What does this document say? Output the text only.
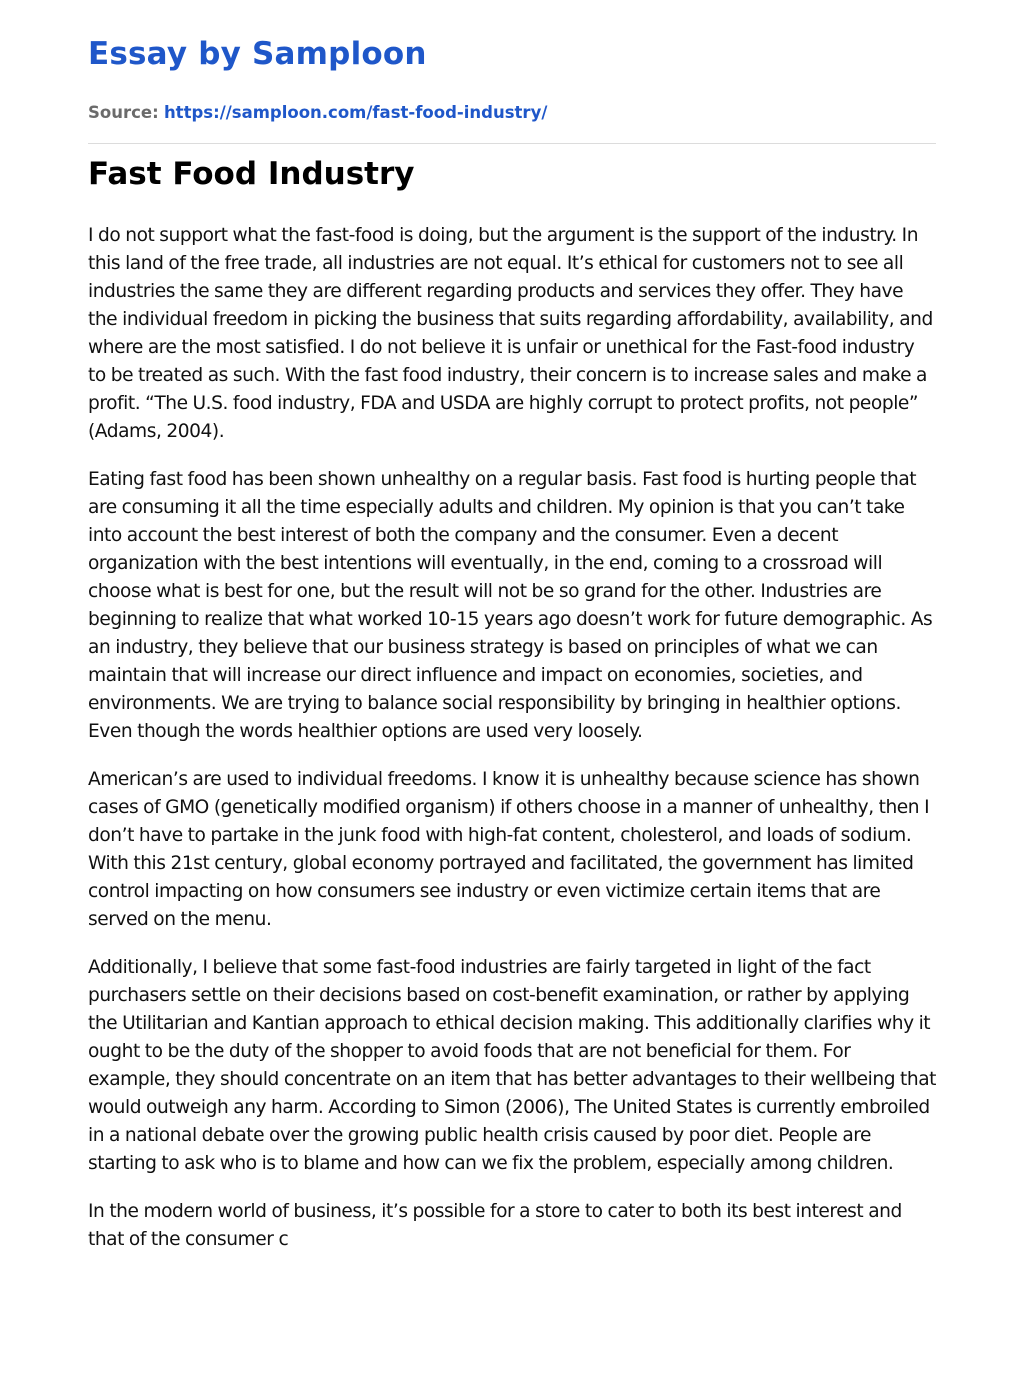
Essay by Samploon
Source: https://samploon.com/fast-food-industry/
Fast Food Industry

I do not support what the fast-food is doing, but the argument is the support of the industry. In this land of the free trade, all industries are not equal. It’s ethical for customers not to see all industries the same they are different regarding products and services they offer. They have the individual freedom in picking the business that suits regarding affordability, availability, and where are the most satisfied. I do not believe it is unfair or unethical for the Fast-food industry to be treated as such. With the fast food industry, their concern is to increase sales and make a profit. “The U.S. food industry, FDA and USDA are highly corrupt to protect profits, not people” (Adams, 2004).

Eating fast food has been shown unhealthy on a regular basis. Fast food is hurting people that are consuming it all the time especially adults and children. My opinion is that you can’t take into account the best interest of both the company and the consumer. Even a decent organization with the best intentions will eventually, in the end, coming to a crossroad will choose what is best for one, but the result will not be so grand for the other. Industries are beginning to realize that what worked 10-15 years ago doesn’t work for future demographic. As an industry, they believe that our business strategy is based on principles of what we can maintain that will increase our direct influence and impact on economies, societies, and environments. We are trying to balance social responsibility by bringing in healthier options. Even though the words healthier options are used very loosely.

American’s are used to individual freedoms. I know it is unhealthy because science has shown cases of GMO (genetically modified organism) if others choose in a manner of unhealthy, then I don’t have to partake in the junk food with high-fat content, cholesterol, and loads of sodium. With this 21st century, global economy portrayed and facilitated, the government has limited control impacting on how consumers see industry or even victimize certain items that are served on the menu.

Additionally, I believe that some fast-food industries are fairly targeted in light of the fact purchasers settle on their decisions based on cost-benefit examination, or rather by applying the Utilitarian and Kantian approach to ethical decision making. This additionally clarifies why it ought to be the duty of the shopper to avoid foods that are not beneficial for them. For example, they should concentrate on an item that has better advantages to their wellbeing that would outweigh any harm. According to Simon (2006), The United States is currently embroiled in a national debate over the growing public health crisis caused by poor diet. People are starting to ask who is to blame and how can we fix the problem, especially among children.

In the modern world of business, it’s possible for a store to cater to both its best interest and that of the consumer c
